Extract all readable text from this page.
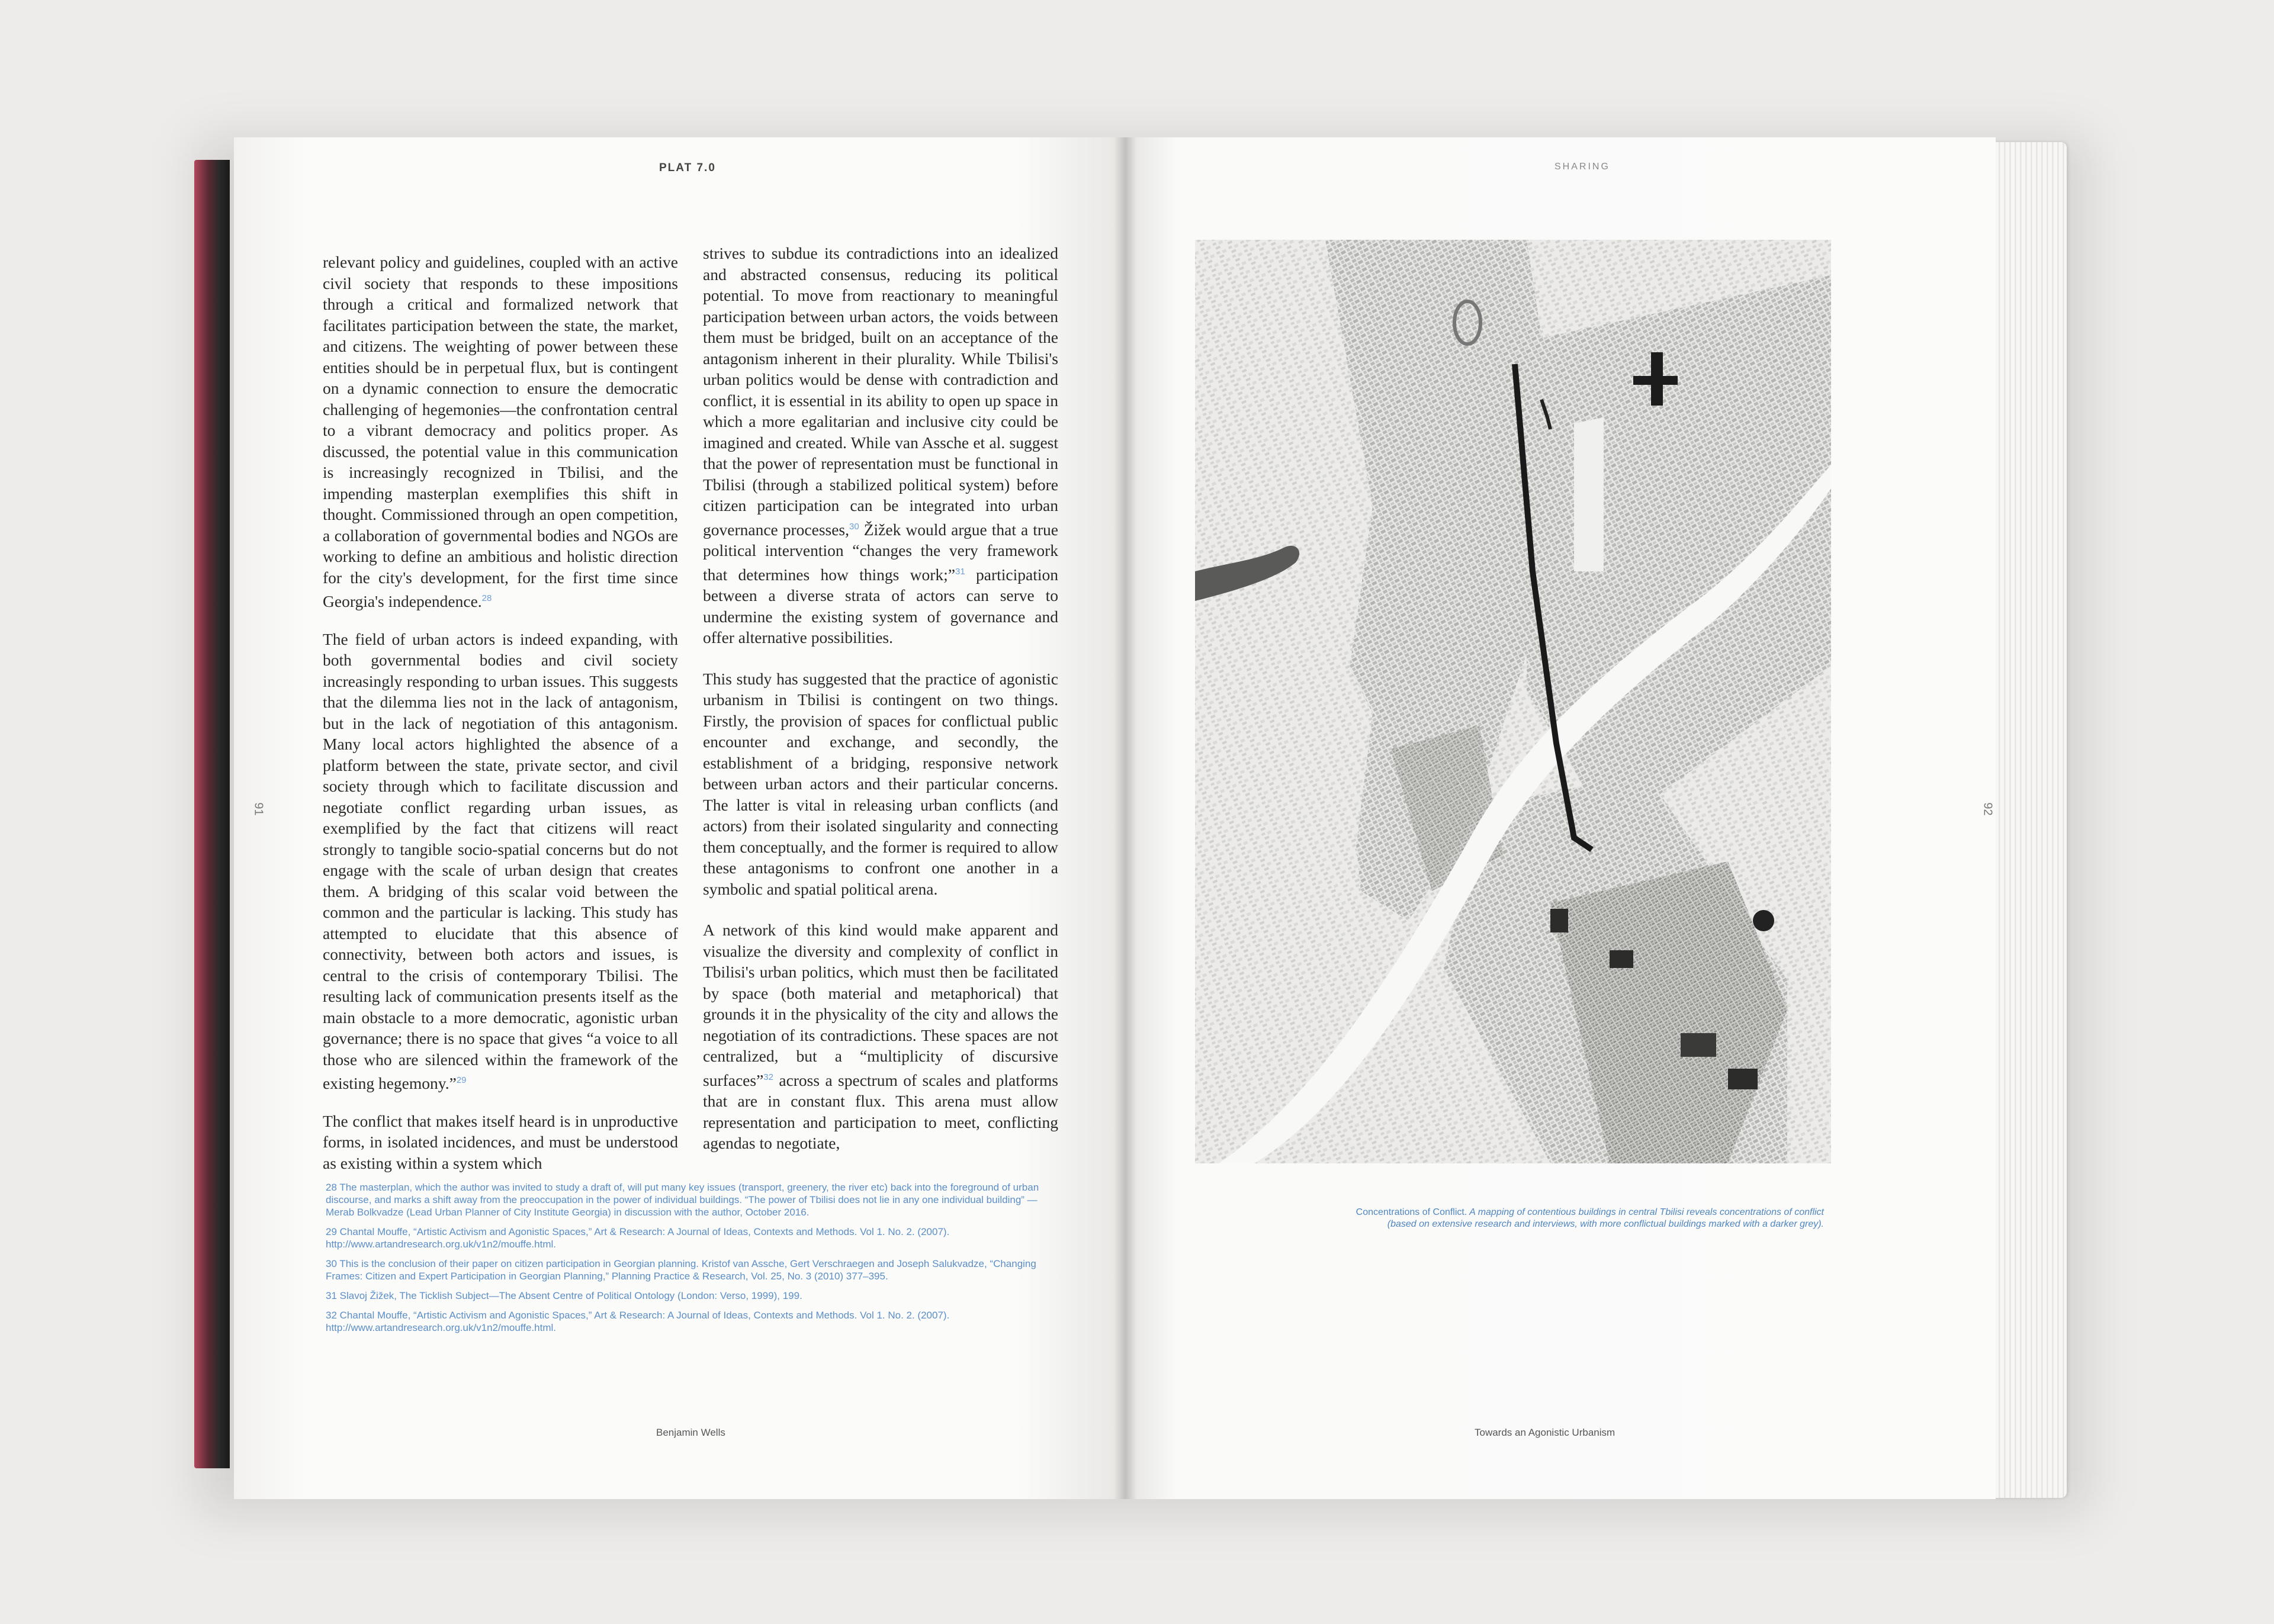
PLAT 7.0	SHARING
91	92

relevant policy and guidelines, coupled with an active civil society that responds to these impositions through a critical and formalized network that facilitates participation between the state, the market, and citizens. The weighting of power between these entities should be in perpetual flux, but is contingent on a dynamic connection to ensure the democratic challenging of hegemonies—the confrontation central to a vibrant democracy and politics proper. As discussed, the potential value in this communication is increasingly recognized in Tbilisi, and the impending masterplan exemplifies this shift in thought. Commissioned through an open competition, a collaboration of governmental bodies and NGOs are working to define an ambitious and holistic direction for the city's development, for the first time since Georgia's independence.$^{28}$

The field of urban actors is indeed expanding, with both governmental bodies and civil society increasingly responding to urban issues. This suggests that the dilemma lies not in the lack of antagonism, but in the lack of negotiation of this antagonism. Many local actors highlighted the absence of a platform between the state, private sector, and civil society through which to facilitate discussion and negotiate conflict regarding urban issues, as exemplified by the fact that citizens will react strongly to tangible socio-spatial concerns but do not engage with the scale of urban design that creates them. A bridging of this scalar void between the common and the particular is lacking. This study has attempted to elucidate that this absence of connectivity, between both actors and issues, is central to the crisis of contemporary Tbilisi. The resulting lack of communication presents itself as the main obstacle to a more democratic, agonistic urban governance; there is no space that gives “a voice to all those who are silenced within the framework of the existing hegemony.”$^{29}$

The conflict that makes itself heard is in unproductive forms, in isolated incidences, and must be understood as existing within a system which

strives to subdue its contradictions into an idealized and abstracted consensus, reducing its political potential. To move from reactionary to meaningful participation between urban actors, the voids between them must be bridged, built on an acceptance of the antagonism inherent in their plurality. While Tbilisi's urban politics would be dense with contradiction and conflict, it is essential in its ability to open up space in which a more egalitarian and inclusive city could be imagined and created. While van Assche et al. suggest that the power of representation must be functional in Tbilisi (through a stabilized political system) before citizen participation can be integrated into urban governance processes,$^{30}$ Žižek would argue that a true political intervention “changes the very framework that determines how things work;”$^{31}$ participation between a diverse strata of actors can serve to undermine the existing system of governance and offer alternative possibilities.

This study has suggested that the practice of agonistic urbanism in Tbilisi is contingent on two things. Firstly, the provision of spaces for conflictual public encounter and exchange, and secondly, the establishment of a bridging, responsive network between urban actors and their particular concerns. The latter is vital in releasing urban conflicts (and actors) from their isolated singularity and connecting them conceptually, and the former is required to allow these antagonisms to confront one another in a symbolic and spatial political arena.

A network of this kind would make apparent and visualize the diversity and complexity of conflict in Tbilisi's urban politics, which must then be facilitated by space (both material and metaphorical) that grounds it in the physicality of the city and allows the negotiation of its contradictions. These spaces are not centralized, but a “multiplicity of discursive surfaces”$^{32}$ across a spectrum of scales and platforms that are in constant flux. This arena must allow representation and participation to meet, conflicting agendas to negotiate,

28 The masterplan, which the author was invited to study a draft of, will put many key issues (transport, greenery, the river etc) back into the foreground of urban discourse, and marks a shift away from the preoccupation in the power of individual buildings. “The power of Tbilisi does not lie in any one individual building” —Merab Bolkvadze (Lead Urban Planner of City Institute Georgia) in discussion with the author, October 2016.
29 Chantal Mouffe, “Artistic Activism and Agonistic Spaces,” Art & Research: A Journal of Ideas, Contexts and Methods. Vol 1. No. 2. (2007). http://www.artandresearch.org.uk/v1n2/mouffe.html.
30 This is the conclusion of their paper on citizen participation in Georgian planning. Kristof van Assche, Gert Verschraegen and Joseph Salukvadze, “Changing Frames: Citizen and Expert Participation in Georgian Planning,” Planning Practice & Research, Vol. 25, No. 3 (2010) 377–395.
31 Slavoj Žižek, The Ticklish Subject—The Absent Centre of Political Ontology (London: Verso, 1999), 199.
32 Chantal Mouffe, “Artistic Activism and Agonistic Spaces,” Art & Research: A Journal of Ideas, Contexts and Methods. Vol 1. No. 2. (2007). http://www.artandresearch.org.uk/v1n2/mouffe.html.
Benjamin Wells	Towards an Agonistic Urbanism
Concentrations of Conflict. A mapping of contentious buildings in central Tbilisi reveals concentrations of conflict (based on extensive research and interviews, with more conflictual buildings marked with a darker grey).
